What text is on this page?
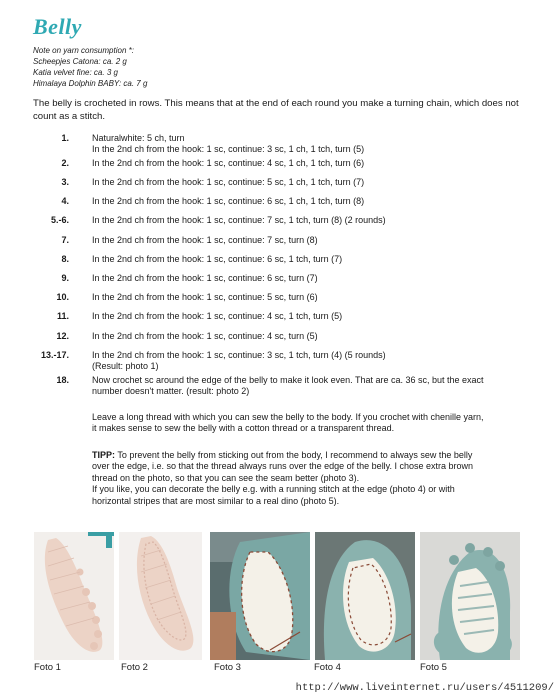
Belly
Note on yarn consumption *:
Scheepjes Catona: ca. 2 g
Katia velvet fine: ca. 3 g
Himalaya Dolphin BABY: ca. 7 g
The belly is crocheted in rows. This means that at the end of each round you make a turning chain, which does not count as a stitch.
1.	Naturalwhite: 5 ch, turn
In the 2nd ch from the hook: 1 sc, continue: 3 sc, 1 ch, 1 tch, turn (5)
2.	In the 2nd ch from the hook: 1 sc, continue: 4 sc, 1 ch, 1 tch, turn (6)
3.	In the 2nd ch from the hook: 1 sc, continue: 5 sc, 1 ch, 1 tch, turn (7)
4.	In the 2nd ch from the hook: 1 sc, continue: 6 sc, 1 ch, 1 tch, turn (8)
5.-6.	In the 2nd ch from the hook: 1 sc, continue: 7 sc, 1 tch, turn (8) (2 rounds)
7.	In the 2nd ch from the hook: 1 sc, continue: 7 sc, turn (8)
8.	In the 2nd ch from the hook: 1 sc, continue: 6 sc, 1 tch, turn (7)
9.	In the 2nd ch from the hook: 1 sc, continue: 6 sc, turn (7)
10.	In the 2nd ch from the hook: 1 sc, continue: 5 sc, turn (6)
11.	In the 2nd ch from the hook: 1 sc, continue: 4 sc, 1 tch, turn (5)
12.	In the 2nd ch from the hook: 1 sc, continue: 4 sc, turn (5)
13.-17.	In the 2nd ch from the hook: 1 sc, continue: 3 sc, 1 tch, turn (4) (5 rounds)
(Result: photo 1)
18.	Now crochet sc around the edge of the belly to make it look even. That are ca. 36 sc, but the exact
number doesn't matter. (result: photo 2)
Leave a long thread with which you can sew the belly to the body. If you crochet with chenille yarn,
it makes sense to sew the belly with a cotton thread or a transparent thread.
TIPP: To prevent the belly from sticking out from the body, I recommend to always sew the belly
over the edge, i.e. so that the thread always runs over the edge of the belly. I chose extra brown
thread on the photo, so that you can see the seam better (photo 3).
If you like, you can decorate the belly e.g. with a running stitch at the edge (photo 4) or with
horizontal stripes that are most similar to a real dino (photo 5).
Foto 1	Foto 2	Foto 3	Foto 4	Foto 5
http://www.liveinternet.ru/users/4511209/
